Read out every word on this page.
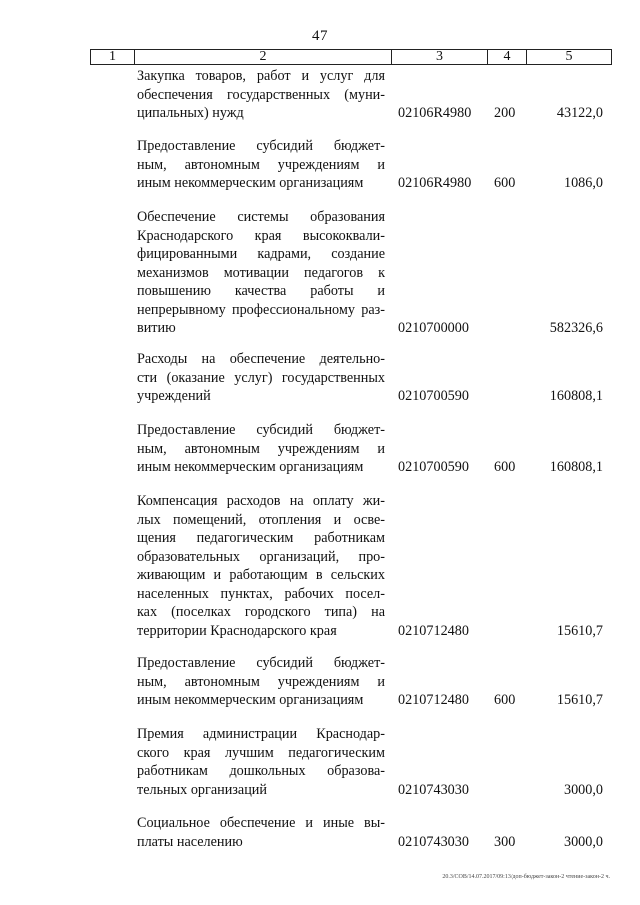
47
1	2	3	4	5
Закупка товаров, работ и услуг для
обеспечения государственных (муни-
ципальных) нужд	02106R4980 200	43122,0
Предоставление субсидий бюджет-
ным, автономным учреждениям и
иным некоммерческим организациям	02106R4980 600	1086,0
Обеспечение системы образования
Краснодарского края высококвали-
фицированными кадрами, создание
механизмов мотивации педагогов к
повышению качества работы и
непрерывному профессиональному раз-
витию	0210700000	582326,6
Расходы на обеспечение деятельно-
сти (оказание услуг) государственных
учреждений	0210700590	160808,1
Предоставление субсидий бюджет-
ным, автономным учреждениям и
иным некоммерческим организациям	0210700590 600 160808,1
Компенсация расходов на оплату жи-
лых помещений, отопления и осве-
щения педагогическим работникам
образовательных организаций, про-
живающим и работающим в сельских
населенных пунктах, рабочих посел-
ках (поселках городского типа) на
территории Краснодарского края	0210712480	15610,7
Предоставление субсидий бюджет-
ным, автономным учреждениям и
иным некоммерческим организациям	0210712480 600	15610,7
Премия администрации Краснодар-
ского края лучшим педагогическим
работникам дошкольных образова-
тельных организаций	0210743030	3000,0
Социальное обеспечение и иные вы-
платы населению	0210743030 300	3000,0
20.3/СОВ/14.07.2017/09:13/доп-бюджет-закон-2 чтение-закон-2 ч.
